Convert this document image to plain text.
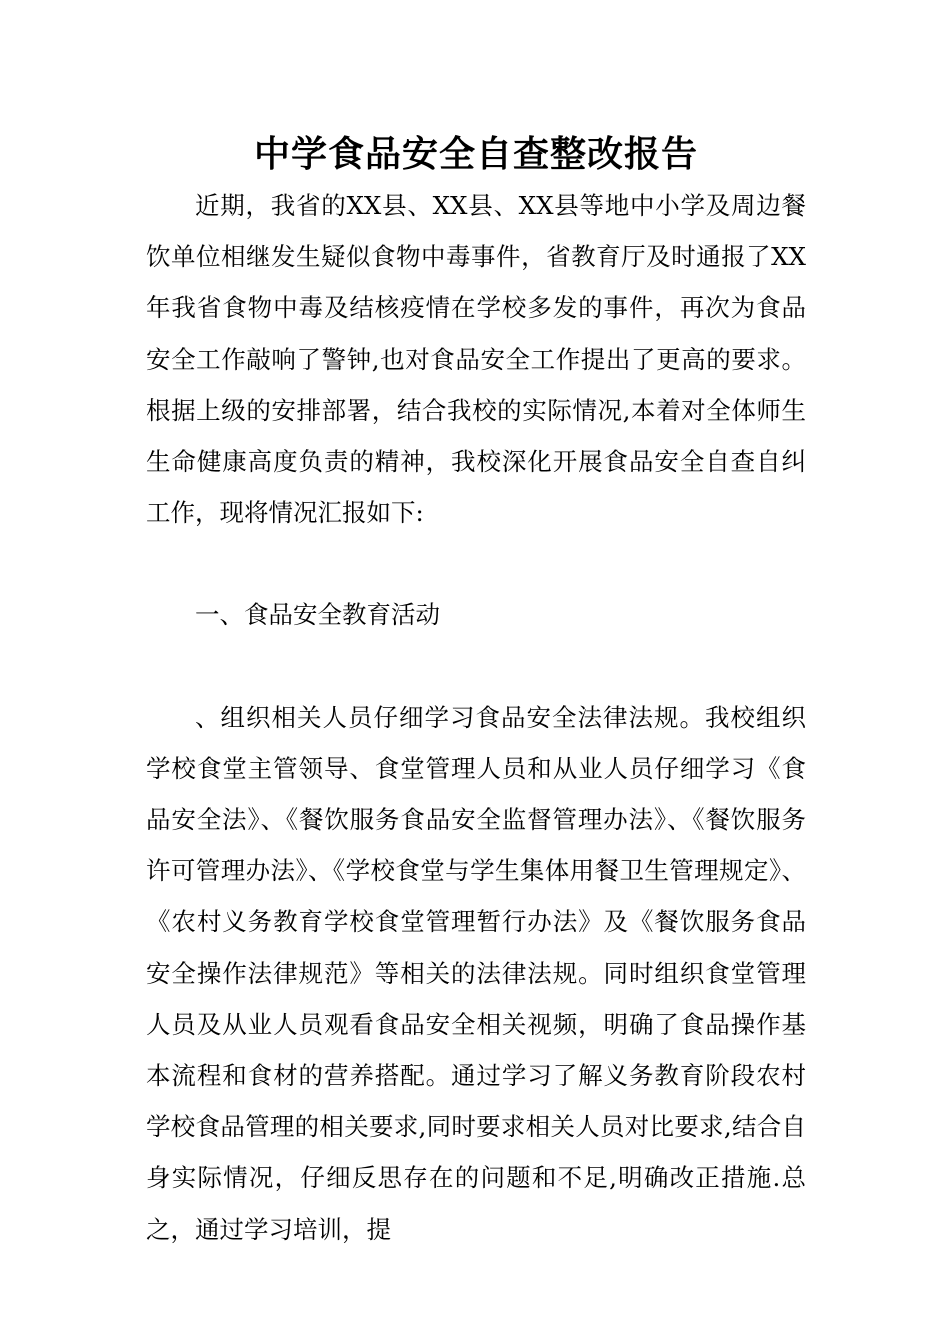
中学食品安全自查整改报告

近期，我省的XX县、XX县、XX县等地中小学及周边餐饮单位相继发生疑似食物中毒事件，省教育厅及时通报了XX年我省食物中毒及结核疫情在学校多发的事件，再次为食品安全工作敲响了警钟,也对食品安全工作提出了更高的要求。根据上级的安排部署，结合我校的实际情况,本着对全体师生生命健康高度负责的精神，我校深化开展食品安全自查自纠工作，现将情况汇报如下:

一、食品安全教育活动

、组织相关人员仔细学习食品安全法律法规。我校组织学校食堂主管领导、食堂管理人员和从业人员仔细学习《食品安全法》、《餐饮服务食品安全监督管理办法》、《餐饮服务许可管理办法》、《学校食堂与学生集体用餐卫生管理规定》、《农村义务教育学校食堂管理暂行办法》及《餐饮服务食品安全操作法律规范》等相关的法律法规。同时组织食堂管理人员及从业人员观看食品安全相关视频，明确了食品操作基本流程和食材的营养搭配。通过学习了解义务教育阶段农村学校食品管理的相关要求,同时要求相关人员对比要求,结合自身实际情况，仔细反思存在的问题和不足,明确改正措施.总之，通过学习培训，提
